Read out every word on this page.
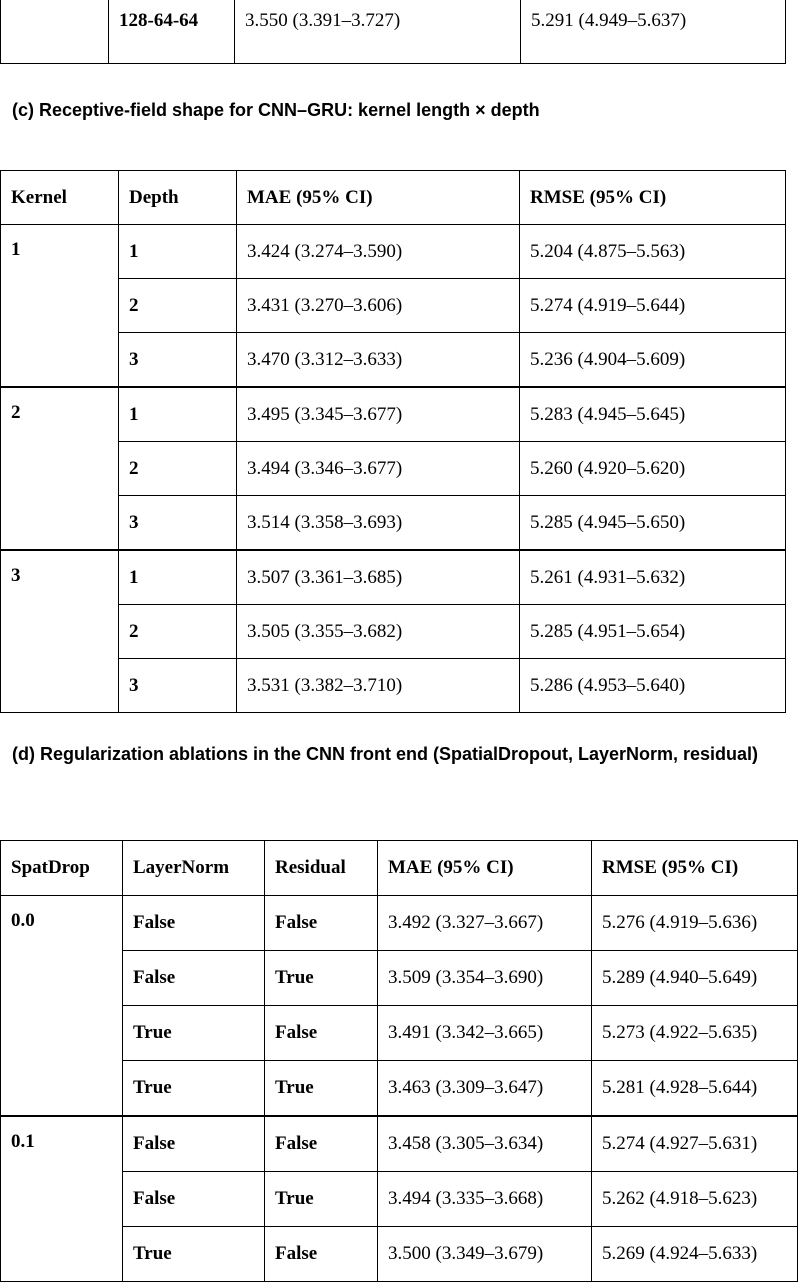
	128-64-64	3.550 (3.391–3.727)	5.291 (4.949–5.637)

(c) Receptive-field shape for CNN–GRU: kernel length × depth

Kernel	Depth	MAE (95% CI)	RMSE (95% CI)
1	1	3.424 (3.274–3.590)	5.204 (4.875–5.563)
	2	3.431 (3.270–3.606)	5.274 (4.919–5.644)
	3	3.470 (3.312–3.633)	5.236 (4.904–5.609)
2	1	3.495 (3.345–3.677)	5.283 (4.945–5.645)
	2	3.494 (3.346–3.677)	5.260 (4.920–5.620)
	3	3.514 (3.358–3.693)	5.285 (4.945–5.650)
3	1	3.507 (3.361–3.685)	5.261 (4.931–5.632)
	2	3.505 (3.355–3.682)	5.285 (4.951–5.654)
	3	3.531 (3.382–3.710)	5.286 (4.953–5.640)

(d) Regularization ablations in the CNN front end (SpatialDropout, LayerNorm, residual)

SpatDrop	LayerNorm	Residual	MAE (95% CI)	RMSE (95% CI)
0.0	False	False	3.492 (3.327–3.667)	5.276 (4.919–5.636)
	False	True	3.509 (3.354–3.690)	5.289 (4.940–5.649)
	True	False	3.491 (3.342–3.665)	5.273 (4.922–5.635)
	True	True	3.463 (3.309–3.647)	5.281 (4.928–5.644)
0.1	False	False	3.458 (3.305–3.634)	5.274 (4.927–5.631)
	False	True	3.494 (3.335–3.668)	5.262 (4.918–5.623)
	True	False	3.500 (3.349–3.679)	5.269 (4.924–5.633)
